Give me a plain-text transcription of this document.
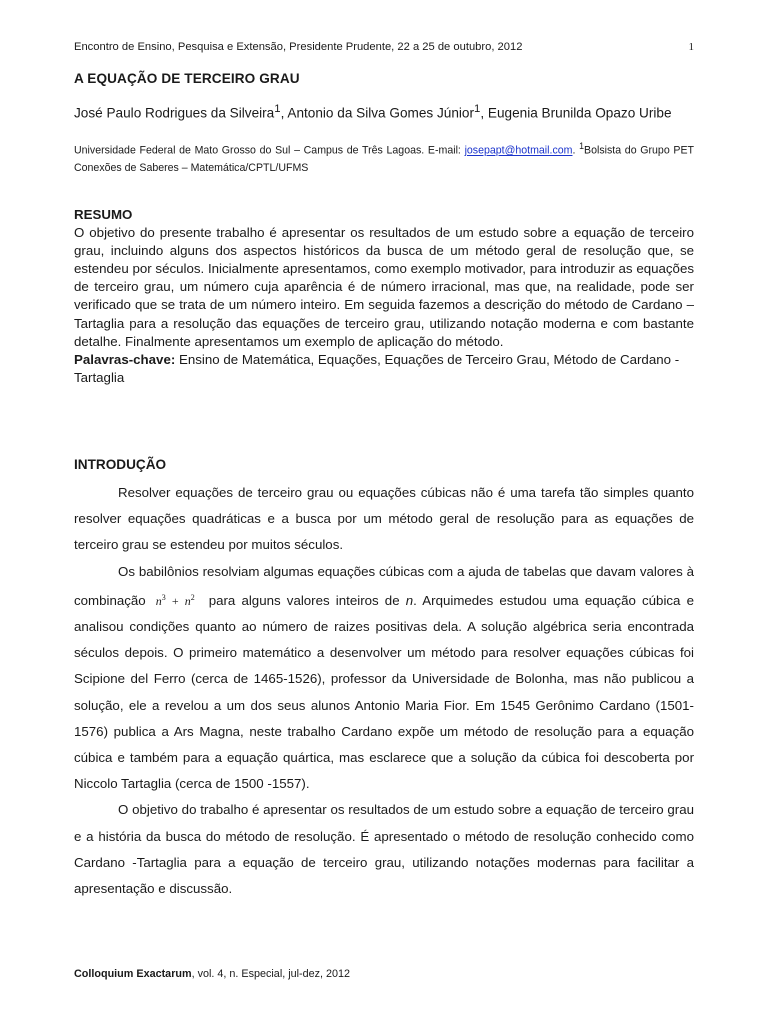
Encontro de Ensino, Pesquisa e Extensão, Presidente Prudente, 22 a 25 de outubro, 2012	1
A EQUAÇÃO DE TERCEIRO GRAU
José Paulo Rodrigues da Silveira$^1$, Antonio da Silva Gomes Júnior$^1$, Eugenia Brunilda Opazo Uribe
Universidade Federal de Mato Grosso do Sul – Campus de Três Lagoas. E-mail: josepapt@hotmail.com. $^1$Bolsista do Grupo PET Conexões de Saberes – Matemática/CPTL/UFMS
RESUMO
O objetivo do presente trabalho é apresentar os resultados de um estudo sobre a equação de terceiro grau, incluindo alguns dos aspectos históricos da busca de um método geral de resolução que, se estendeu por séculos. Inicialmente apresentamos, como exemplo motivador, para introduzir as equações de terceiro grau, um número cuja aparência é de número irracional, mas que, na realidade, pode ser verificado que se trata de um número inteiro. Em seguida fazemos a descrição do método de Cardano – Tartaglia para a resolução das equações de terceiro grau, utilizando notação moderna e com bastante detalhe. Finalmente apresentamos um exemplo de aplicação do método.
Palavras-chave: Ensino de Matemática, Equações, Equações de Terceiro Grau, Método de Cardano - Tartaglia
INTRODUÇÃO

Resolver equações de terceiro grau ou equações cúbicas não é uma tarefa tão simples quanto resolver equações quadráticas e a busca por um método geral de resolução para as equações de terceiro grau se estendeu por muitos séculos.

Os babilônios resolviam algumas equações cúbicas com a ajuda de tabelas que davam valores à combinação $n^3 + n^2$ para alguns valores inteiros de n. Arquimedes estudou uma equação cúbica e analisou condições quanto ao número de raizes positivas dela. A solução algébrica seria encontrada séculos depois. O primeiro matemático a desenvolver um método para resolver equações cúbicas foi Scipione del Ferro (cerca de 1465-1526), professor da Universidade de Bolonha, mas não publicou a solução, ele a revelou a um dos seus alunos Antonio Maria Fior. Em 1545 Gerônimo Cardano (1501-1576) publica a Ars Magna, neste trabalho Cardano expõe um método de resolução para a equação cúbica e também para a equação quártica, mas esclarece que a solução da cúbica foi descoberta por Niccolo Tartaglia (cerca de 1500 -1557).

O objetivo do trabalho é apresentar os resultados de um estudo sobre a equação de terceiro grau e a história da busca do método de resolução. É apresentado o método de resolução conhecido como Cardano -Tartaglia para a equação de terceiro grau, utilizando notações modernas para facilitar a apresentação e discussão.

Colloquium Exactarum, vol. 4, n. Especial, jul-dez, 2012
